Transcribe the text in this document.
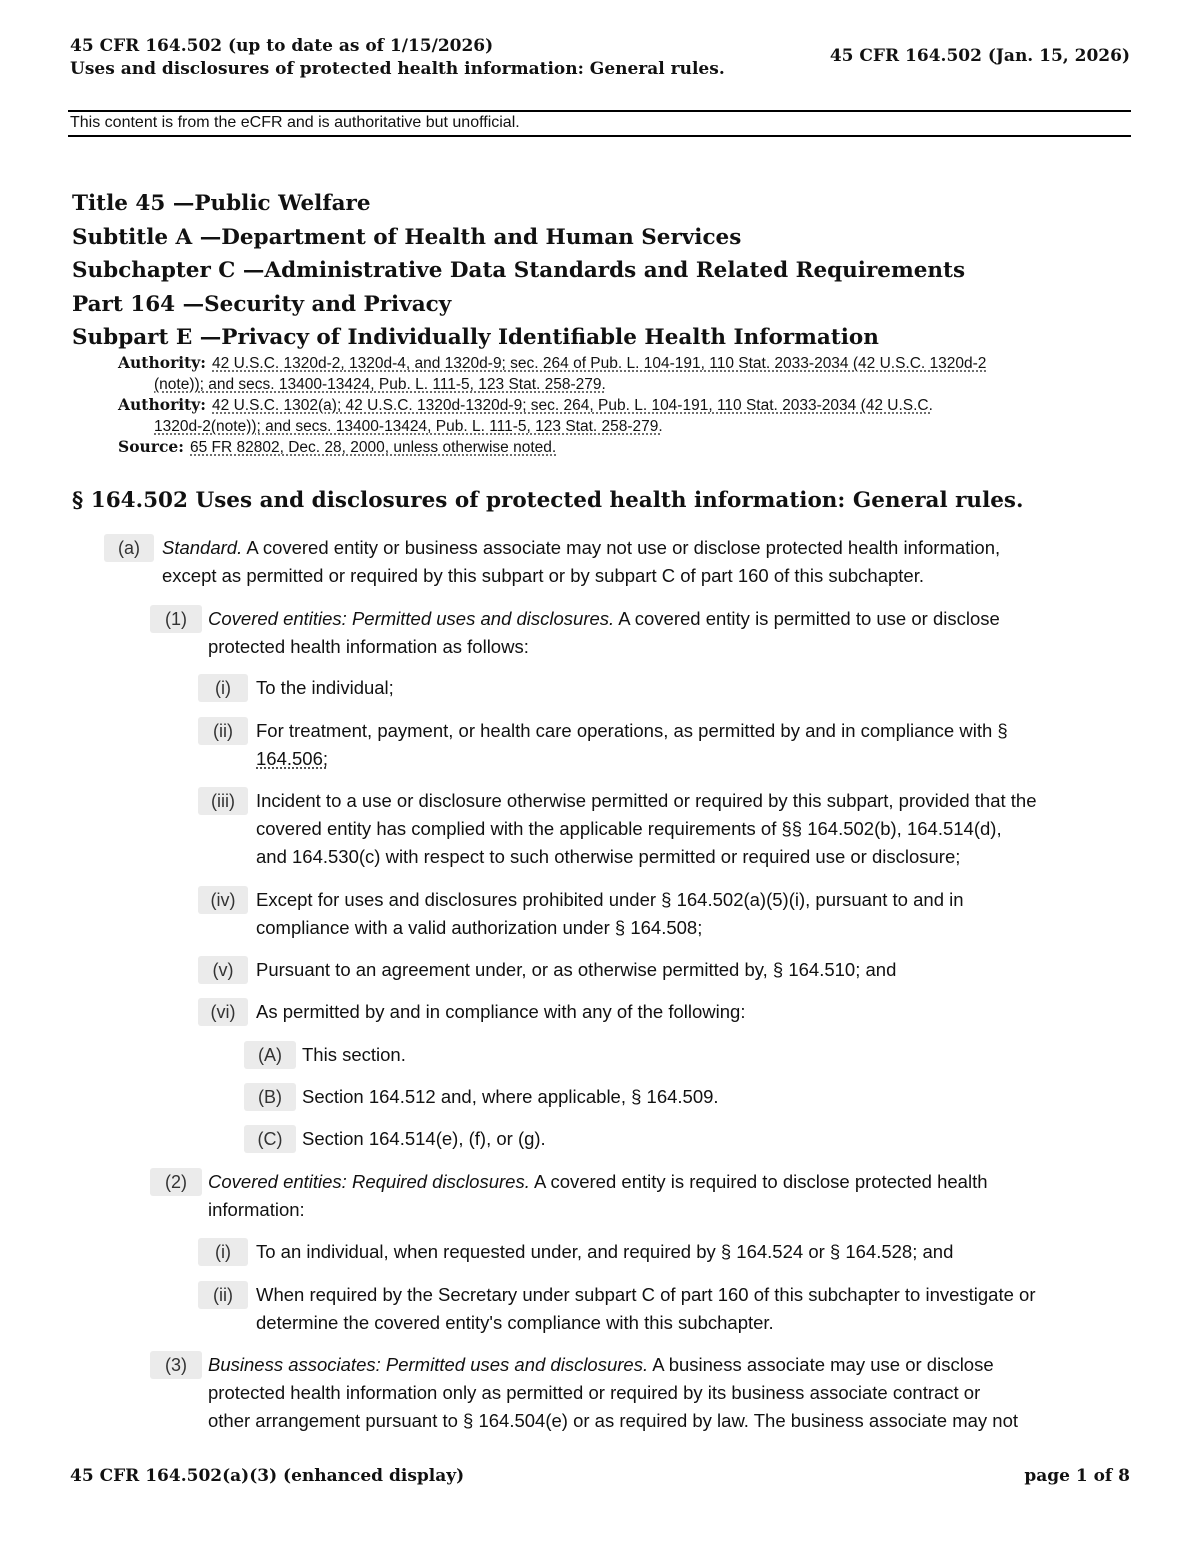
45 CFR 164.502 (up to date as of 1/15/2026)
Uses and disclosures of protected health information: General rules.
45 CFR 164.502 (Jan. 15, 2026)
This content is from the eCFR and is authoritative but unofficial.
Title 45 —Public Welfare
Subtitle A —Department of Health and Human Services
Subchapter C —Administrative Data Standards and Related Requirements
Part 164 —Security and Privacy
Subpart E —Privacy of Individually Identifiable Health Information
Authority: 42 U.S.C. 1320d-2, 1320d-4, and 1320d-9; sec. 264 of Pub. L. 104-191, 110 Stat. 2033-2034 (42 U.S.C. 1320d-2
(note)); and secs. 13400-13424, Pub. L. 111-5, 123 Stat. 258-279.
Authority: 42 U.S.C. 1302(a); 42 U.S.C. 1320d-1320d-9; sec. 264, Pub. L. 104-191, 110 Stat. 2033-2034 (42 U.S.C.
1320d-2(note)); and secs. 13400-13424, Pub. L. 111-5, 123 Stat. 258-279.
Source: 65 FR 82802, Dec. 28, 2000, unless otherwise noted.
§ 164.502 Uses and disclosures of protected health information: General rules.
(a)	Standard. A covered entity or business associate may not use or disclose protected health information,
except as permitted or required by this subpart or by subpart C of part 160 of this subchapter.
(1)	Covered entities: Permitted uses and disclosures. A covered entity is permitted to use or disclose
protected health information as follows:
(i)	To the individual;
(ii)	For treatment, payment, or health care operations, as permitted by and in compliance with §
164.506;
(iii)	Incident to a use or disclosure otherwise permitted or required by this subpart, provided that the
covered entity has complied with the applicable requirements of §§ 164.502(b), 164.514(d),
and 164.530(c) with respect to such otherwise permitted or required use or disclosure;
(iv)	Except for uses and disclosures prohibited under § 164.502(a)(5)(i), pursuant to and in
compliance with a valid authorization under § 164.508;
(v)	Pursuant to an agreement under, or as otherwise permitted by, § 164.510; and
(vi)	As permitted by and in compliance with any of the following:
(A)	This section.
(B)	Section 164.512 and, where applicable, § 164.509.
(C)	Section 164.514(e), (f), or (g).
(2)	Covered entities: Required disclosures. A covered entity is required to disclose protected health
information:
(i)	To an individual, when requested under, and required by § 164.524 or § 164.528; and
(ii)	When required by the Secretary under subpart C of part 160 of this subchapter to investigate or
determine the covered entity's compliance with this subchapter.
(3)	Business associates: Permitted uses and disclosures. A business associate may use or disclose
protected health information only as permitted or required by its business associate contract or
other arrangement pursuant to § 164.504(e) or as required by law. The business associate may not
45 CFR 164.502(a)(3) (enhanced display)	page 1 of 8
